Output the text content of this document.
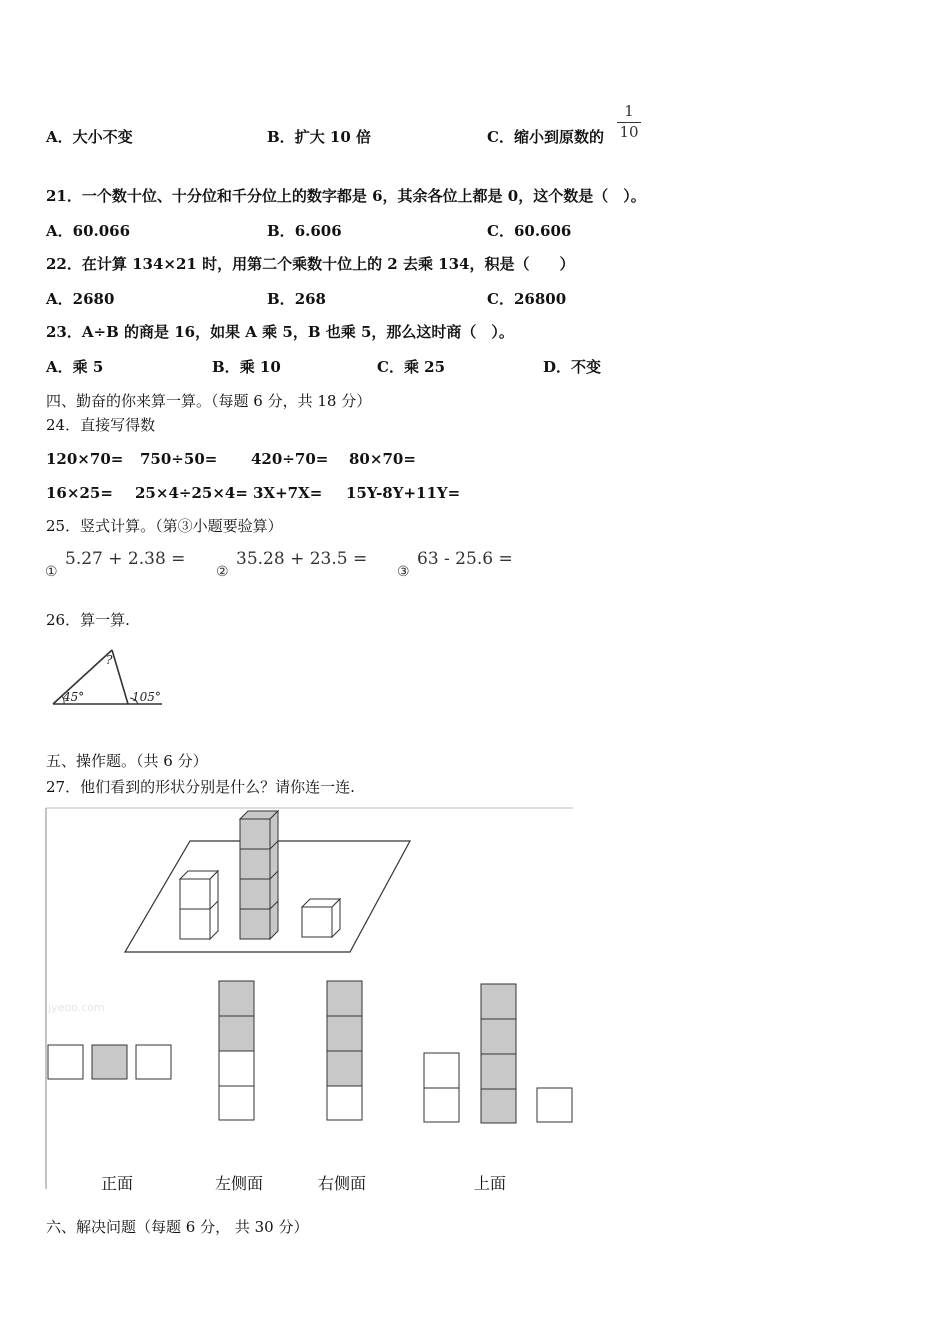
A．大小不变	B．扩大 10 倍	C．缩小到原数的 $\frac{1}{10}$
21．一个数十位、十分位和千分位上的数字都是 6，其余各位上都是 0，这个数是（　）。
A．60.066	B．6.606	C．60.606
22．在计算 134×21 时，用第二个乘数十位上的 2 去乘 134，积是（　　）
A．2680	B．268	C．26800
23．A÷B 的商是 16，如果 A 乘 5，B 也乘 5，那么这时商（　）。
A．乘 5	B．乘 10	C．乘 25	D．不变
四、勤奋的你来算一算。（每题 6 分，共 18 分）
24．直接写得数
120×70= 750÷50= 420÷70= 80×70=
16×25= 25×4÷25×4= 3X+7X= 15Y-8Y+11Y=
25．竖式计算。（第③小题要验算）
①
5.27 + 2.38 =
②
35.28 + 23.5 =
③
63 - 25.6 =
26．算一算.
?
45°	105°
五、操作题。（共 6 分）
27．他们看到的形状分别是什么？请你连一连.
jyeoo.com
正面	左侧面	右侧面	上面
六、解决问题（每题 6 分， 共 30 分）
